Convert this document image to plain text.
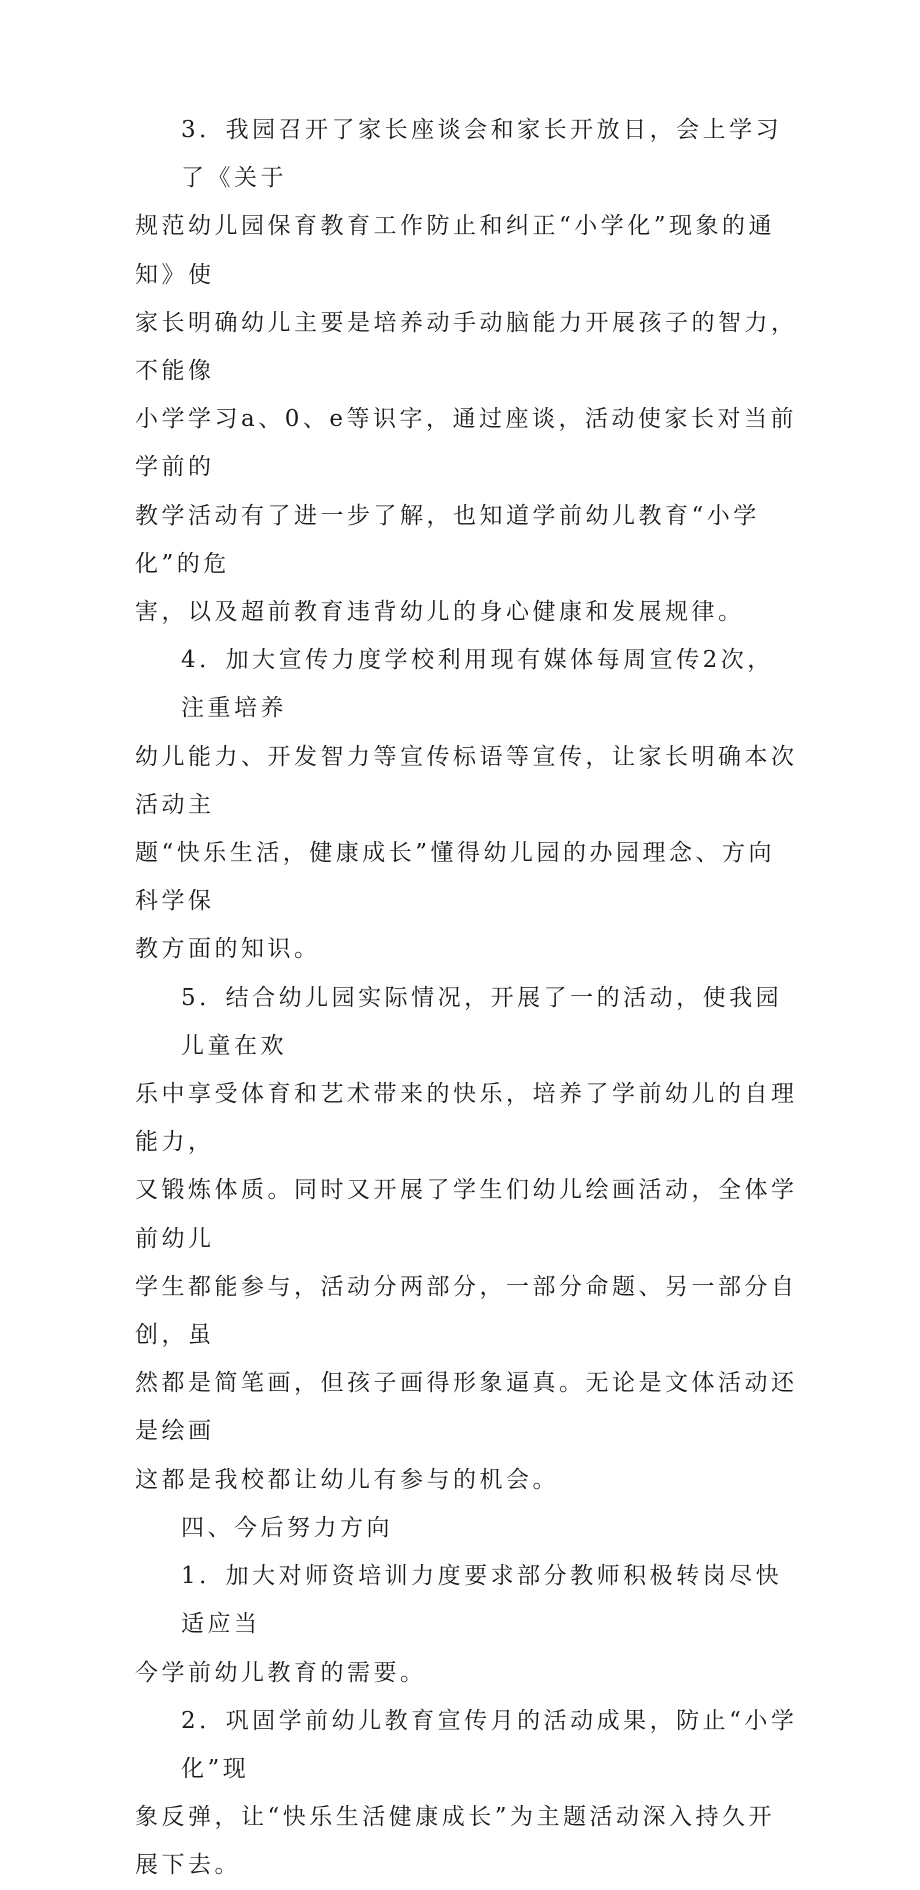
3．我园召开了家长座谈会和家长开放日，会上学习了《关于
规范幼儿园保育教育工作防止和纠正“小学化”现象的通知》使
家长明确幼儿主要是培养动手动脑能力开展孩子的智力，不能像
小学学习a、0、e等识字，通过座谈，活动使家长对当前学前的
教学活动有了进一步了解，也知道学前幼儿教育“小学化”的危
害，以及超前教育违背幼儿的身心健康和发展规律。
4．加大宣传力度学校利用现有媒体每周宣传2次，注重培养
幼儿能力、开发智力等宣传标语等宣传，让家长明确本次活动主
题“快乐生活，健康成长”懂得幼儿园的办园理念、方向科学保
教方面的知识。
5．结合幼儿园实际情况，开展了一的活动，使我园儿童在欢
乐中享受体育和艺术带来的快乐，培养了学前幼儿的自理能力，
又锻炼体质。同时又开展了学生们幼儿绘画活动，全体学前幼儿
学生都能参与，活动分两部分，一部分命题、另一部分自创，虽
然都是简笔画，但孩子画得形象逼真。无论是文体活动还是绘画
这都是我校都让幼儿有参与的机会。
四、今后努力方向
1．加大对师资培训力度要求部分教师积极转岗尽快适应当
今学前幼儿教育的需要。
2．巩固学前幼儿教育宣传月的活动成果，防止“小学化”现
象反弹，让“快乐生活健康成长”为主题活动深入持久开
展下去。
